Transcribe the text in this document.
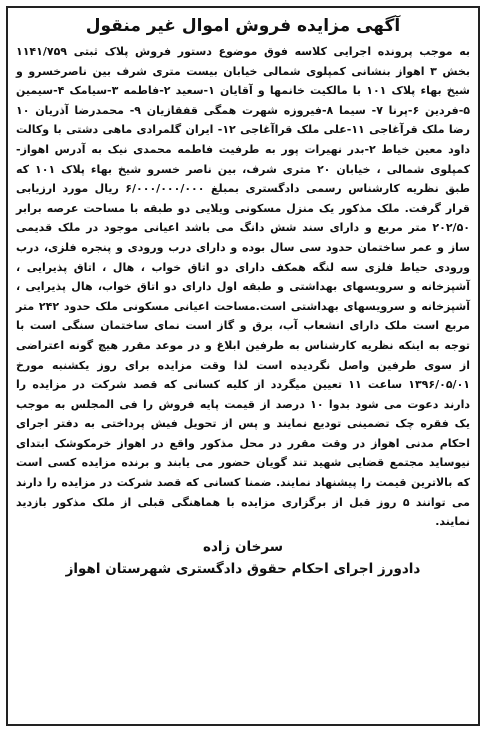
آگهی مزایده فروش اموال غیر منقول

به موجب پرونده اجرایی کلاسه فوق موضوع دستور فروش پلاک ثبتی ۱۱۴۱/۷۵۹ بخش ۳ اهواز بنشانی کمپلوی شمالی خیابان بیست متری شرف بین ناصرخسرو و شیخ بهاء پلاک ۱۰۱ با مالکیت خانمها و آقایان ۱-سعید ۲-فاطمه ۳-سیامک ۴-سیمین ۵-فردین ۶-پرنا ۷- سیما ۸-فیروزه شهرت همگی قفقازیان ۹- محمدرضا آذریان ۱۰ رضا ملک قرآغاجی ۱۱-علی ملک قراآغاجی ۱۲- ایران گلمرادی ماهی دشتی با وکالت داود معین خیاط ۲-بدر نهیرات پور به طرفیت فاطمه محمدی نیک به آدرس اهواز- کمپلوی شمالی ، خیابان ۲۰ متری شرف، بین ناصر خسرو شیخ بهاء پلاک ۱۰۱ که طبق نظریه کارشناس رسمی دادگستری بمبلغ ۶/۰۰۰/۰۰۰/۰۰۰ ریال مورد ارزیابی قرار گرفت. ملک مذکور یک منزل مسکونی ویلایی دو طبقه با مساحت عرصه برابر ۲۰۲/۵۰ متر مربع و دارای سند شش دانگ می باشد اعیانی موجود در ملک قدیمی ساز و عمر ساختمان حدود سی سال بوده و دارای درب ورودی و پنجره فلزی، درب ورودی حیاط فلزی سه لنگه همکف دارای دو اتاق خواب ، هال ، اتاق پذیرایی ، آشپزخانه و سرویسهای بهداشتی و طبقه اول دارای دو اتاق خواب، هال پذیرایی ، آشپزخانه و سرویسهای بهداشتی است.مساحت اعیانی مسکونی ملک حدود ۲۴۲ متر مربع است ملک دارای انشعاب آب، برق و گاز است نمای ساختمان سنگی است با توجه به اینکه نظریه کارشناس به طرفین ابلاغ و در موعد مقرر هیچ گونه اعتراضی از سوی طرفین واصل نگردیده است لذا وقت مزایده برای روز یکشنبه مورخ ۱۳۹۶/۰۵/۰۱ ساعت ۱۱ تعیین میگردد از کلیه کسانی که قصد شرکت در مزایده را دارند دعوت می شود بدوا ۱۰ درصد از قیمت پایه فروش را فی المجلس به موجب یک فقره چک تضمینی تودیع نمایند و پس از تحویل فیش پرداختی به دفتر اجرای احکام مدنی اهواز در وقت مقرر در محل مذکور واقع در اهواز خرمکوشک ابتدای نیوساید مجتمع قضایی شهید تند گویان حضور می یابند و برنده مزایده کسی است که بالاترین قیمت را پیشنهاد نمایند. ضمنا کسانی که قصد شرکت در مزایده را دارند می توانند ۵ روز قبل از برگزاری مزایده با هماهنگی قبلی از ملک مذکور بازدید نمایند.

سرخان زاده
دادورز اجرای احکام حقوق دادگستری شهرستان اهواز
